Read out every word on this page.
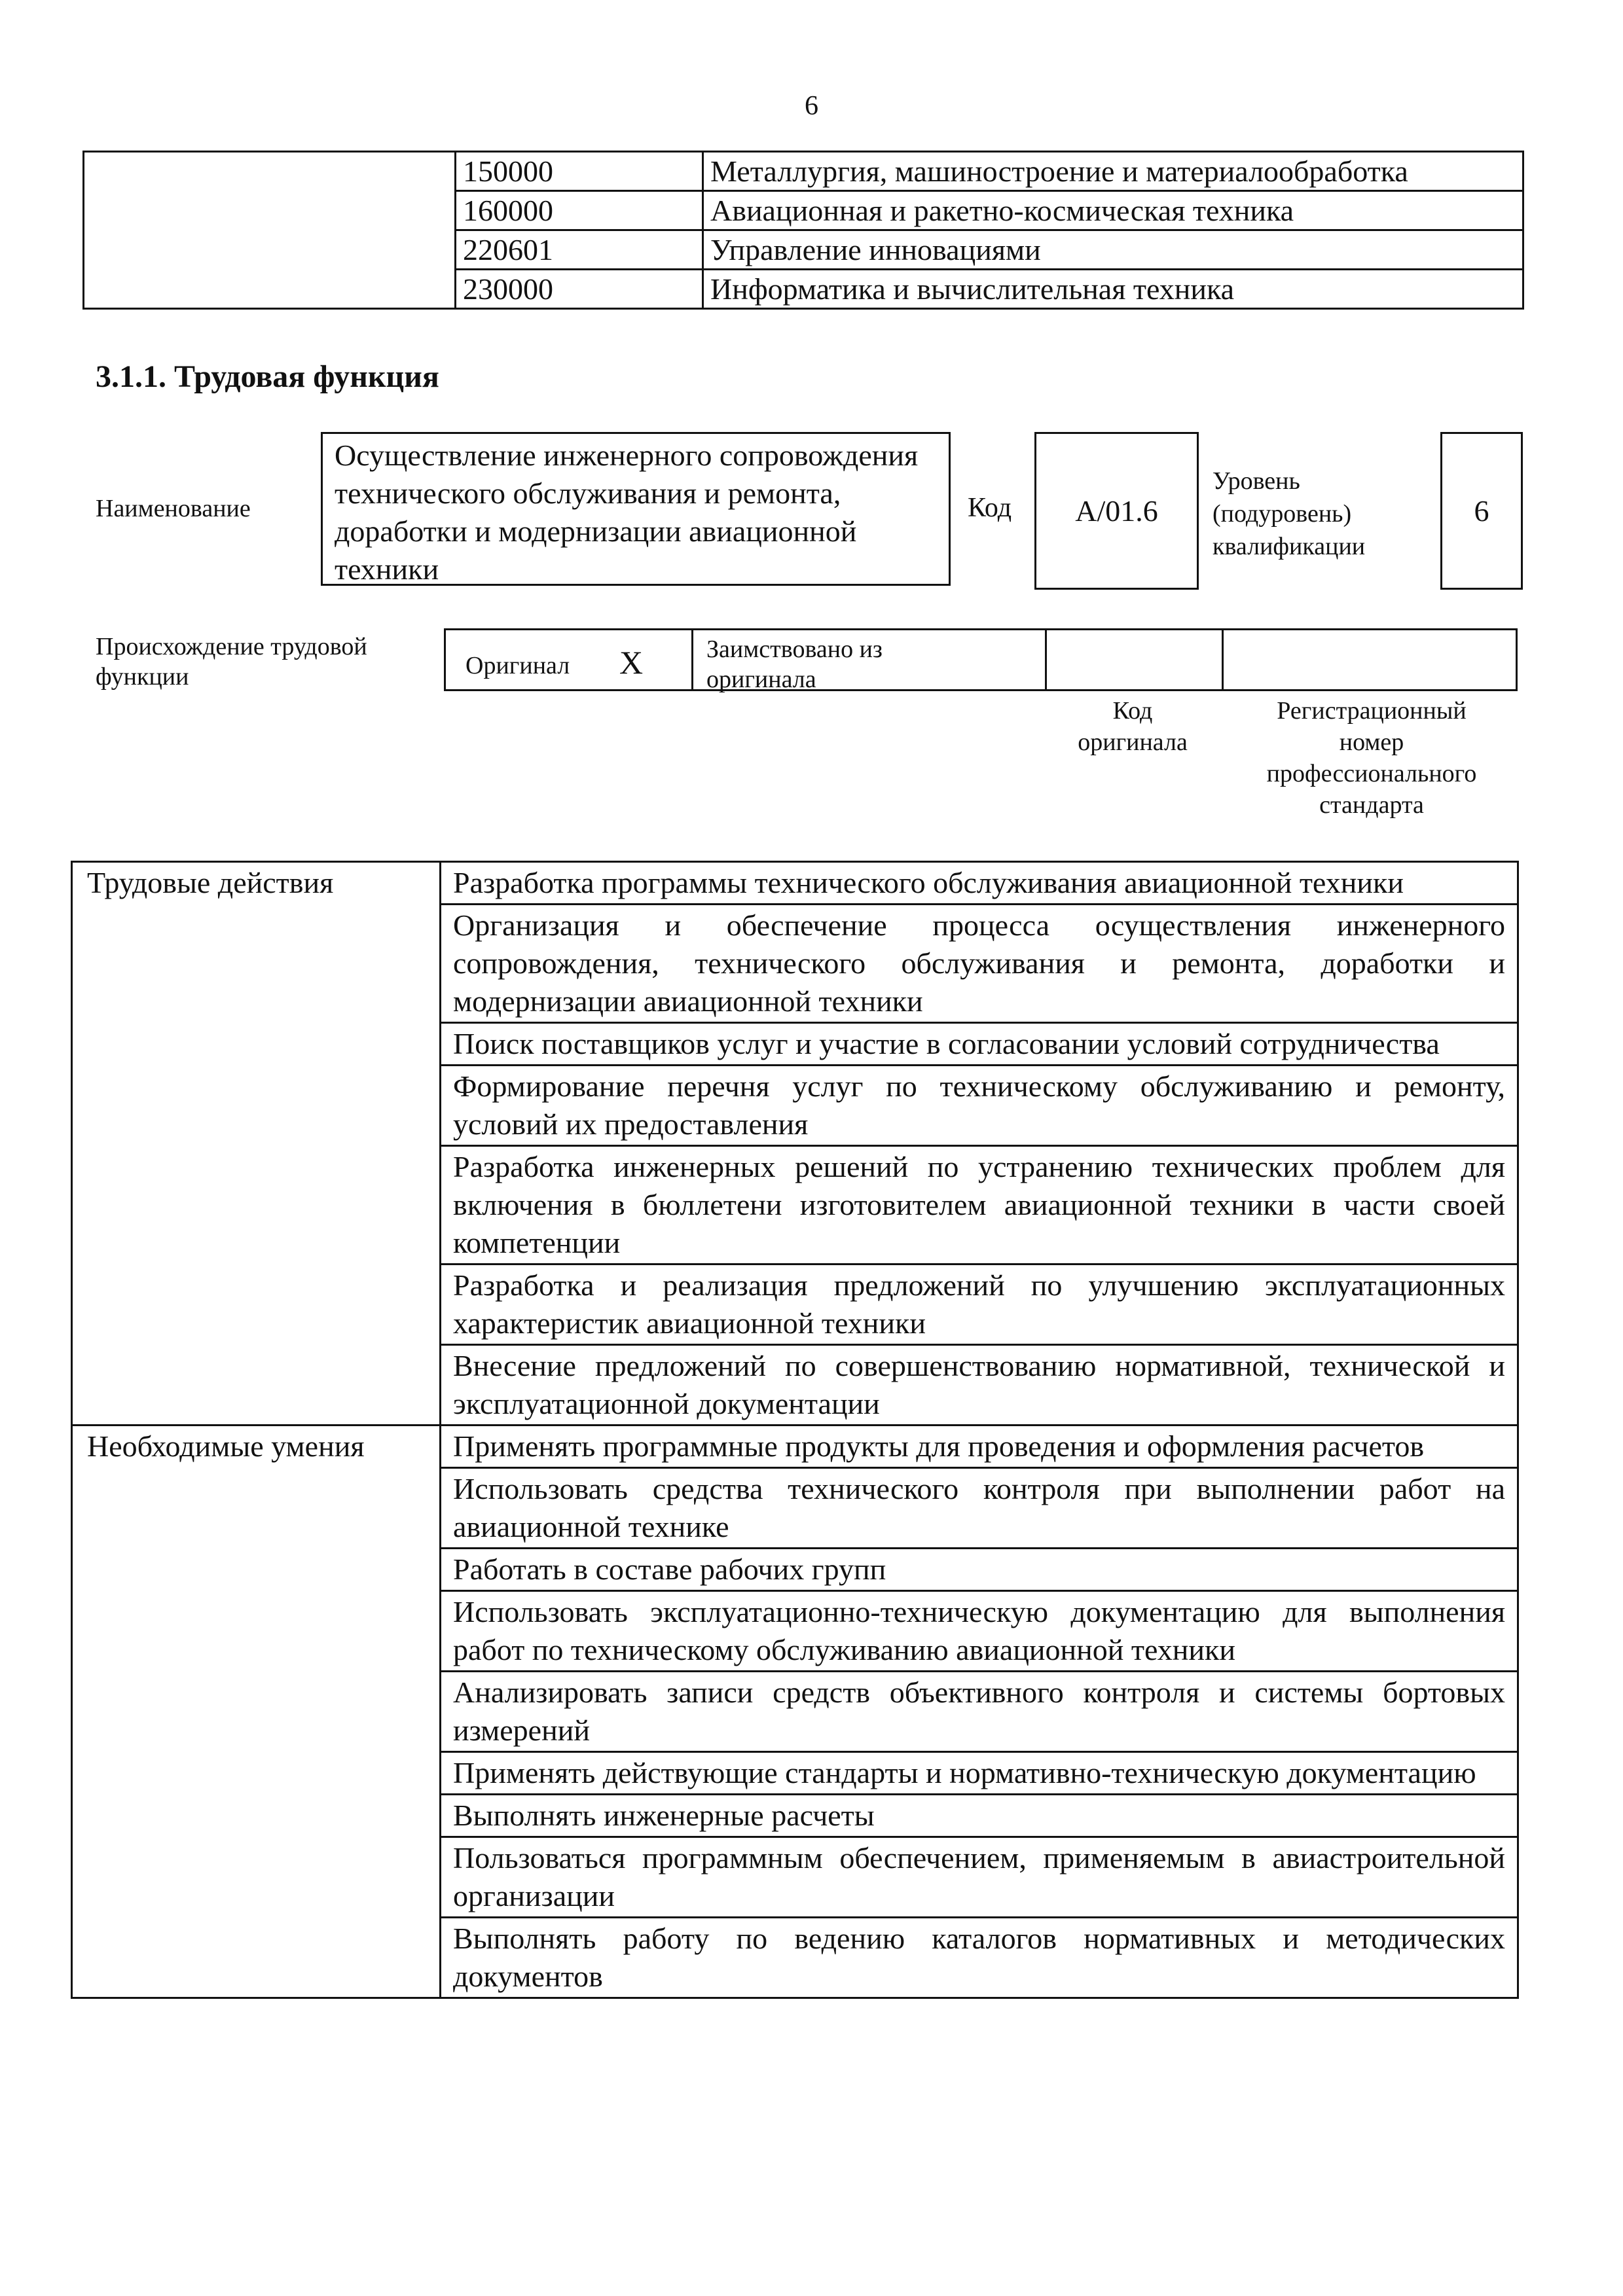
6
	150000	Металлургия, машиностроение и материалообработка
	160000	Авиационная и ракетно-космическая техника
	220601	Управление инновациями
	230000	Информатика и вычислительная техника
3.1.1. Трудовая функция
Наименование
Осуществление инженерного сопровождения технического обслуживания и ремонта, доработки и модернизации авиационной техники
Код A/01.6
Уровень
(подуровень)
квалификации
6
Происхождение трудовой
функции	Оригинал X	Заимствовано из
оригинала
Код
оригинала
Регистрационный
номер
профессионального
стандарта
Трудовые действия	Разработка программы технического обслуживания авиационной техники
	Организация и обеспечение процесса осуществления инженерного сопровождения, технического обслуживания и ремонта, доработки и модернизации авиационной техники
	Поиск поставщиков услуг и участие в согласовании условий сотрудничества
	Формирование перечня услуг по техническому обслуживанию и ремонту, условий их предоставления
	Разработка инженерных решений по устранению технических проблем для включения в бюллетени изготовителем авиационной техники в части своей компетенции
	Разработка и реализация предложений по улучшению эксплуатационных характеристик авиационной техники
	Внесение предложений по совершенствованию нормативной, технической и эксплуатационной документации
Необходимые умения	Применять программные продукты для проведения и оформления расчетов
	Использовать средства технического контроля при выполнении работ на авиационной технике
	Работать в составе рабочих групп
	Использовать эксплуатационно-техническую документацию для выполнения работ по техническому обслуживанию авиационной техники
	Анализировать записи средств объективного контроля и системы бортовых измерений
	Применять действующие стандарты и нормативно-техническую документацию
	Выполнять инженерные расчеты
	Пользоваться программным обеспечением, применяемым в авиастроительной организации
	Выполнять работу по ведению каталогов нормативных и методических документов
